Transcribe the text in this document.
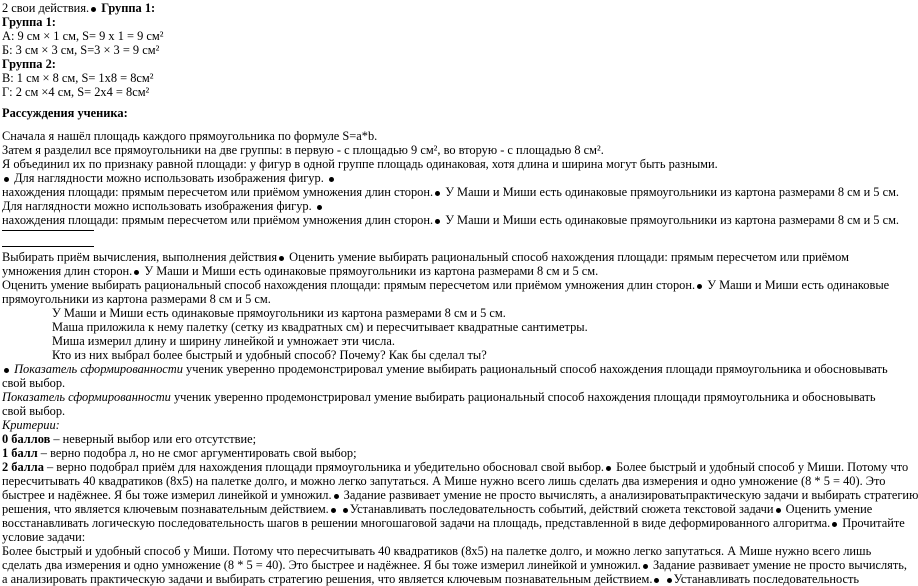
2 свои действия. Группа 1:
Группа 1:
А: 9 см × 1 см, S= 9 х 1 = 9 см²
Б: 3 см × 3 см, S=3 × 3 = 9 см²
Группа 2:
В: 1 см × 8 см, S= 1х8 = 8см²
Г: 2 см ×4 см, S= 2х4 = 8см²
Рассуждения ученика:
Сначала я нашёл площадь каждого прямоугольника по формуле S=a*b.
Затем я разделил все прямоугольники на две группы: в первую - с площадью 9 см², во вторую - с площадью 8 см².
Я объединил их по признаку равной площади: у фигур в одной группе площадь одинаковая, хотя длина и ширина могут быть разными.
Для наглядности можно использовать изображения фигур.
нахождения площади: прямым пересчетом или приёмом умножения длин сторон. У Маши и Миши есть одинаковые прямоугольники из картона размерами 8 см и 5 см.
Для наглядности можно использовать изображения фигур.
нахождения площади: прямым пересчетом или приёмом умножения длин сторон. У Маши и Миши есть одинаковые прямоугольники из картона размерами 8 см и 5 см.
Выбирать приём вычисления, выполнения действия Оценить умение выбирать рациональный способ нахождения площади: прямым пересчетом или приёмом
умножения длин сторон. У Маши и Миши есть одинаковые прямоугольники из картона размерами 8 см и 5 см.
Оценить умение выбирать рациональный способ нахождения площади: прямым пересчетом или приёмом умножения длин сторон. У Маши и Миши есть одинаковые
прямоугольники из картона размерами 8 см и 5 см.
У Маши и Миши есть одинаковые прямоугольники из картона размерами 8 см и 5 см.
Маша приложила к нему палетку (сетку из квадратных см) и пересчитывает квадратные сантиметры.
Миша измерил длину и ширину линейкой и умножает эти числа.
Кто из них выбрал более быстрый и удобный способ? Почему? Как бы сделал ты?
Показатель сформированности ученик уверенно продемонстрировал умение выбирать рациональный способ нахождения площади прямоугольника и обосновывать
свой выбор.
Показатель сформированности ученик уверенно продемонстрировал умение выбирать рациональный способ нахождения площади прямоугольника и обосновывать
свой выбор.
Критерии:
0 баллов – неверный выбор или его отсутствие;
1 балл – верно подобра л, но не смог аргументировать свой выбор;
2 балла – верно подобрал приём для нахождения площади прямоугольника и убедительно обосновал свой выбор. Более быстрый и удобный способ у Миши. Потому что
пересчитывать 40 квадратиков (8х5) на палетке долго, и можно легко запутаться. А Мише нужно всего лишь сделать два измерения и одно умножение (8 * 5 = 40). Это
быстрее и надёжнее. Я бы тоже измерил линейкой и умножил. Задание развивает умение не просто вычислять, а анализироватьпрактическую задачи и выбирать стратегию
решения, что является ключевым познавательным действием. Устанавливать последовательность событий, действий сюжета текстовой задачи Оценить умение
восстанавливать логическую последовательность шагов в решении многошаговой задачи на площадь, представленной в виде деформированного алгоритма. Прочитайте
условие задачи:
Более быстрый и удобный способ у Миши. Потому что пересчитывать 40 квадратиков (8х5) на палетке долго, и можно легко запутаться. А Мише нужно всего лишь
сделать два измерения и одно умножение (8 * 5 = 40). Это быстрее и надёжнее. Я бы тоже измерил линейкой и умножил. Задание развивает умение не просто вычислять,
а анализировать практическую задачи и выбирать стратегию решения, что является ключевым познавательным действием. Устанавливать последовательность
